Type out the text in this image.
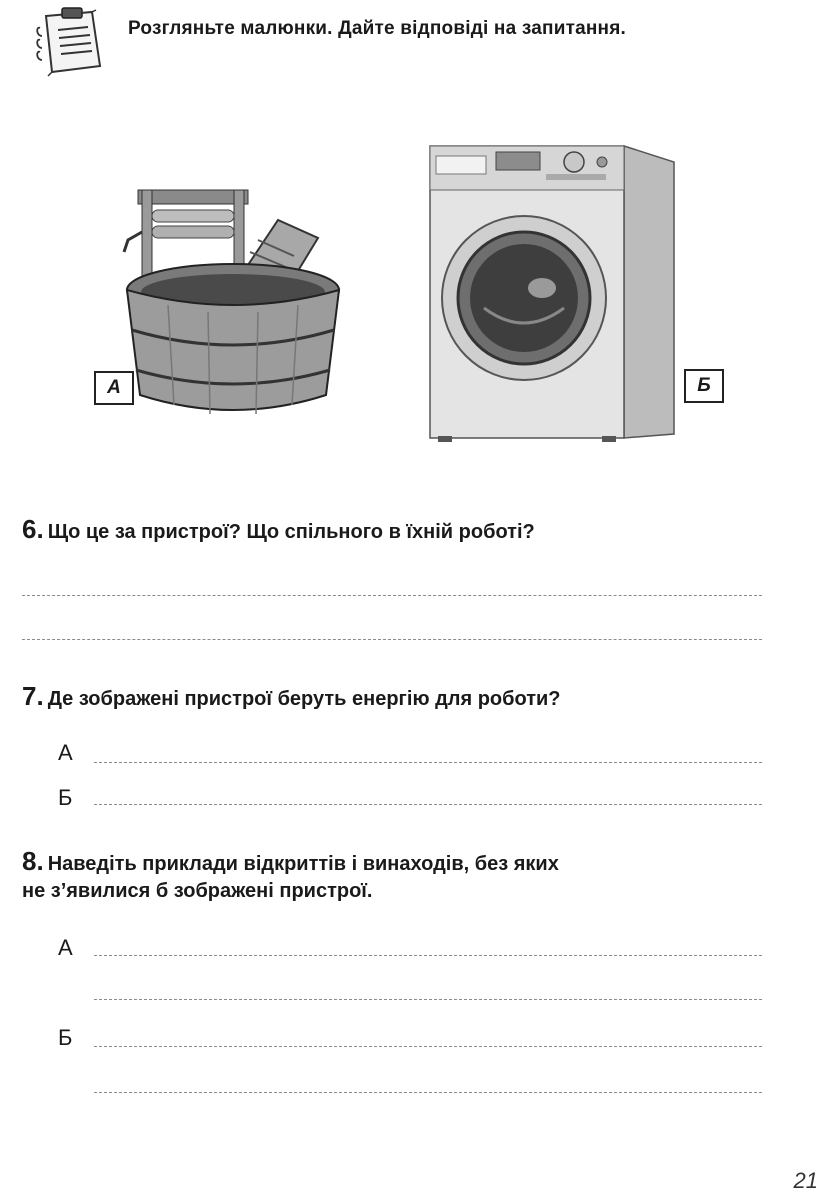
Розгляньте малюнки. Дайте відповіді на запитання.
А	Б
6. Що це за пристрої? Що спільного в їхній роботі?
7. Де зображені пристрої беруть енергію для роботи?
А
Б
8. Наведіть приклади відкриттів і винаходів, без яких
не з’явилися б зображені пристрої.
А
Б
21
